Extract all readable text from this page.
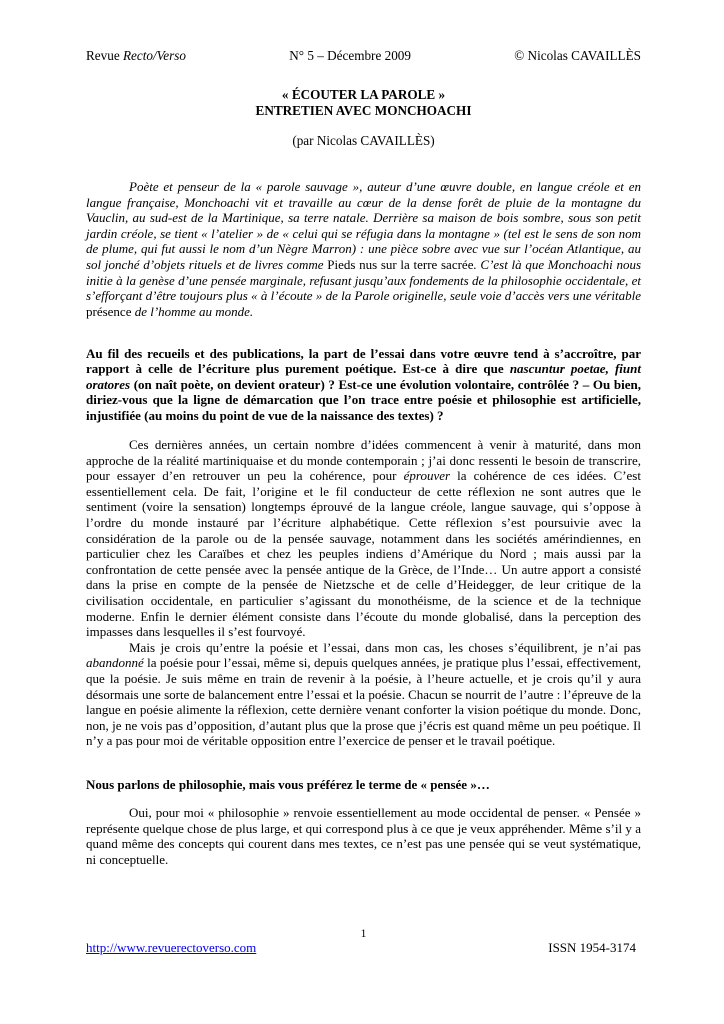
Revue Recto/Verso	N° 5 – Décembre 2009	© Nicolas CAVAILLÈS
« ÉCOUTER LA PAROLE »
ENTRETIEN AVEC MONCHOACHI
(par Nicolas CAVAILLÈS)
Poète et penseur de la « parole sauvage », auteur d’une œuvre double, en langue créole et en langue française, Monchoachi vit et travaille au cœur de la dense forêt de pluie de la montagne du Vauclin, au sud-est de la Martinique, sa terre natale. Derrière sa maison de bois sombre, sous son petit jardin créole, se tient « l’atelier » de « celui qui se réfugia dans la montagne » (tel est le sens de son nom de plume, qui fut aussi le nom d’un Nègre Marron) : une pièce sobre avec vue sur l’océan Atlantique, au sol jonché d’objets rituels et de livres comme Pieds nus sur la terre sacrée. C’est là que Monchoachi nous initie à la genèse d’une pensée marginale, refusant jusqu’aux fondements de la philosophie occidentale, et s’efforçant d’être toujours plus « à l’écoute » de la Parole originelle, seule voie d’accès vers une véritable présence de l’homme au monde.
Au fil des recueils et des publications, la part de l’essai dans votre œuvre tend à s’accroître, par rapport à celle de l’écriture plus purement poétique. Est-ce à dire que nascuntur poetae, fiunt oratores (on naît poète, on devient orateur) ? Est-ce une évolution volontaire, contrôlée ? – Ou bien, diriez-vous que la ligne de démarcation que l’on trace entre poésie et philosophie est artificielle, injustifiée (au moins du point de vue de la naissance des textes) ?

Ces dernières années, un certain nombre d’idées commencent à venir à maturité, dans mon approche de la réalité martiniquaise et du monde contemporain ; j’ai donc ressenti le besoin de transcrire, pour essayer d’en retrouver un peu la cohérence, pour éprouver la cohérence de ces idées. C’est essentiellement cela. De fait, l’origine et le fil conducteur de cette réflexion ne sont autres que le sentiment (voire la sensation) longtemps éprouvé de la langue créole, langue sauvage, qui s’oppose à l’ordre du monde instauré par l’écriture alphabétique. Cette réflexion s’est poursuivie avec la considération de la parole ou de la pensée sauvage, notamment dans les sociétés amérindiennes, en particulier chez les Caraïbes et chez les peuples indiens d’Amérique du Nord ; mais aussi par la confrontation de cette pensée avec la pensée antique de la Grèce, de l’Inde… Un autre apport a consisté dans la prise en compte de la pensée de Nietzsche et de celle d’Heidegger, de leur critique de la civilisation occidentale, en particulier s’agissant du monothéisme, de la science et de la technique moderne. Enfin le dernier élément consiste dans l’écoute du monde globalisé, dans la perception des impasses dans lesquelles il s’est fourvoyé.

Mais je crois qu’entre la poésie et l’essai, dans mon cas, les choses s’équilibrent, je n’ai pas abandonné la poésie pour l’essai, même si, depuis quelques années, je pratique plus l’essai, effectivement, que la poésie. Je suis même en train de revenir à la poésie, à l’heure actuelle, et je crois qu’il y aura désormais une sorte de balancement entre l’essai et la poésie. Chacun se nourrit de l’autre : l’épreuve de la langue en poésie alimente la réflexion, cette dernière venant conforter la vision poétique du monde. Donc, non, je ne vois pas d’opposition, d’autant plus que la prose que j’écris est quand même un peu poétique. Il n’y a pas pour moi de véritable opposition entre l’exercice de penser et le travail poétique.

Nous parlons de philosophie, mais vous préférez le terme de « pensée »…
Oui, pour moi « philosophie » renvoie essentiellement au mode occidental de penser. « Pensée » représente quelque chose de plus large, et qui correspond plus à ce que je veux appréhender. Même s’il y a quand même des concepts qui courent dans mes textes, ce n’est pas une pensée qui se veut systématique, ni conceptuelle.
1
http://www.revuerectoverso.com	ISSN 1954-3174
